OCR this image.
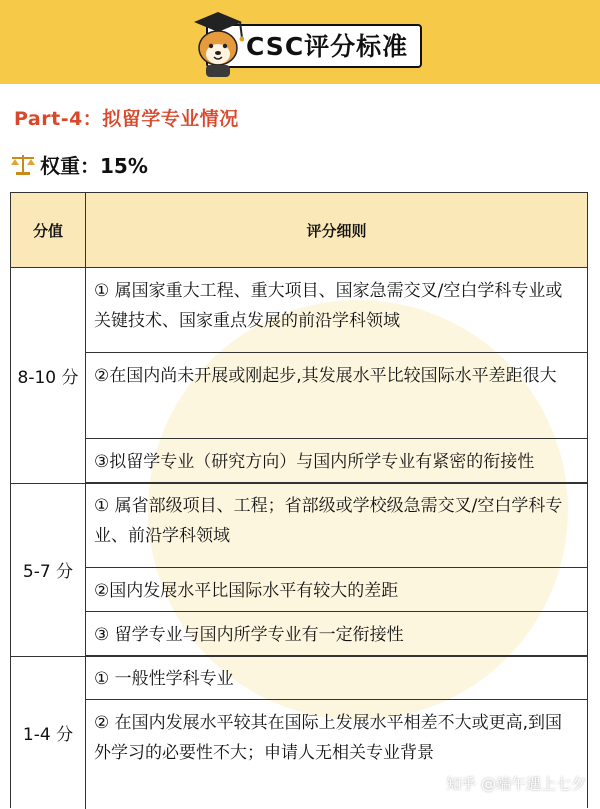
CSC评分标准
Part-4：拟留学专业情况
权重：15%
分值	评分细则
8-10 分
① 属国家重大工程、重大项目、国家急需交叉/空白学科专业或关键技术、国家重点发展的前沿学科领域
②在国内尚未开展或刚起步,其发展水平比较国际水平差距很大
③拟留学专业（研究方向）与国内所学专业有紧密的衔接性
5-7 分
① 属省部级项目、工程；省部级或学校级急需交叉/空白学科专业、前沿学科领域
②国内发展水平比国际水平有较大的差距
③ 留学专业与国内所学专业有一定衔接性
1-4 分
① 一般性学科专业
② 在国内发展水平较其在国际上发展水平相差不大或更高,到国外学习的必要性不大；申请人无相关专业背景
知乎 @端午遇上七夕
